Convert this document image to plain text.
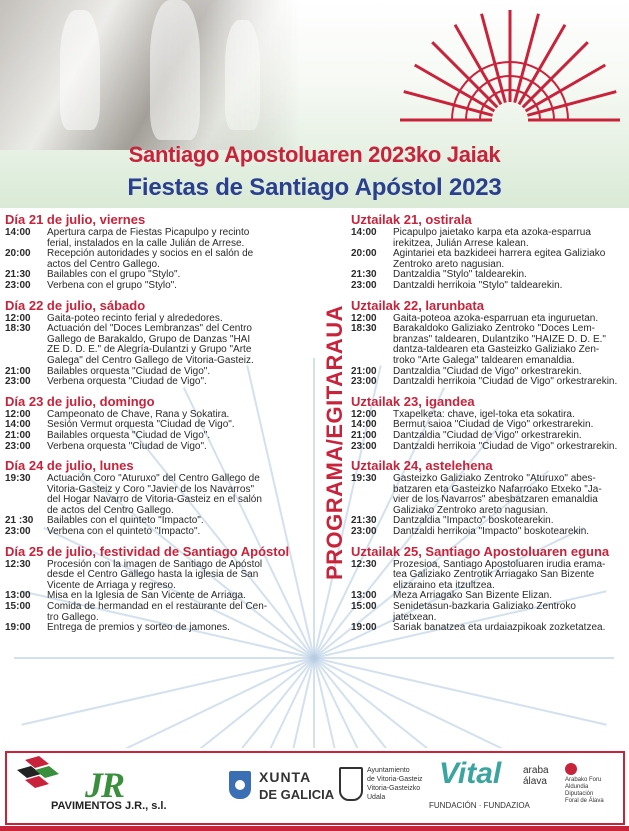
Santiago Apostoluaren 2023ko Jaiak
Fiestas de Santiago Apóstol 2023
PROGRAMA/EGITARAUA
Día 21 de julio, viernes
14:00	Apertura carpa de Fiestas Picapulpo y recinto
ferial, instalados en la calle Julián de Arrese.
20:00	Recepción autoridades y socios en el salón de
actos del Centro Gallego.
21:30	Bailables con el grupo "Stylo".
23:00	Verbena con el grupo "Stylo".
Día 22 de julio, sábado
12:00	Gaita-poteo recinto ferial y alrededores.
18:30	Actuación del "Doces Lembranzas" del Centro
Gallego de Barakaldo, Grupo de Danzas "HAI
ZE D. D. E." de Alegría-Dulantzi y Grupo "Arte
Galega" del Centro Gallego de Vitoria-Gasteiz.
21:00	Bailables orquesta "Ciudad de Vigo".
23:00	Verbena orquesta "Ciudad de Vigo".
Día 23 de julio, domingo
12:00	Campeonato de Chave, Rana y Sokatira.
14:00	Sesión Vermut orquesta "Ciudad de Vigo".
21:00	Bailables orquesta "Ciudad de Vigo".
23:00	Verbena orquesta "Ciudad de Vigo".
Día 24 de julio, lunes
19:30	Actuación Coro "Aturuxo" del Centro Gallego de
Vitoria-Gasteiz y Coro "Javier de los Navarros"
del Hogar Navarro de Vitoria-Gasteiz en el salón
de actos del Centro Gallego.
21 :30	Bailables con el quinteto "Impacto".
23:00	Verbena con el quinteto "Impacto".
Día 25 de julio, festividad de Santiago Apóstol
12:30	Procesión con la imagen de Santiago de Apóstol
desde el Centro Gallego hasta la iglesia de San
Vicente de Arriaga y regreso.
13:00	Misa en la Iglesia de San Vicente de Arriaga.
15:00	Comida de hermandad en el restaurante del Cen-
tro Gallego.
19:00	Entrega de premios y sorteo de jamones.
Uztailak 21, ostirala
14:00	Picapulpo jaietako karpa eta azoka-esparrua
irekitzea, Julián Arrese kalean.
20:00	Agintariei eta bazkideei harrera egitea Galiziako
Zentroko areto nagusian.
21:30	Dantzaldia "Stylo" taldearekin.
23:00	Dantzaldi herrikoia "Stylo" taldearekin.
Uztailak 22, larunbata
12:00	Gaita-poteoa azoka-esparruan eta inguruetan.
18:30	Barakaldoko Galiziako Zentroko "Doces Lem-
branzas" taldearen, Dulantziko "HAIZE D. D. E."
dantza-taldearen eta Gasteizko Galiziako Zen-
troko "Arte Galega" taldearen emanaldia.
21:00	Dantzaldia "Ciudad de Vigo" orkestrarekin.
23:00	Dantzaldi herrikoia "Ciudad de Vigo" orkestrarekin.
Uztailak 23, igandea
12:00	Txapelketa: chave, igel-toka eta sokatira.
14:00	Bermut saioa "Ciudad de Vigo" orkestrarekin.
21:00	Dantzaldia "Ciudad de Vigo" orkestrarekin.
23:00	Dantzaldi herrikoia "Ciudad de Vigo" orkestrarekin.
Uztailak 24, astelehena
19:30	Gasteizko Galiziako Zentroko "Aturuxo" abes-
batzaren eta Gasteizko Nafarroako Etxeko "Ja-
vier de los Navarros" abesbatzaren emanaldia
Galiziako Zentroko areto nagusian.
21:30	Dantzaldia "Impacto" boskotearekin.
23:00	Dantzaldi herrikoia "Impacto" boskotearekin.
Uztailak 25, Santiago Apostoluaren eguna
12:30	Prozesioa, Santiago Apostoluaren irudia erama-
tea Galiziako Zentrotik Arriagako San Bizente
elizaraino eta itzultzea.
13:00	Meza Arriagako San Bizente Elizan.
15:00	Senidetasun-bazkaria Galiziako Zentroko
jatetxean.
19:00	Sariak banatzea eta urdaiazpikoak zozketatzea.
JR
PAVIMENTOS J.R., s.l.
XUNTA
DE GALICIA
Ayuntamiento
de Vitoria-Gasteiz
Vitoria-Gasteizko
Udala
Vital
FUNDACIÓN · FUNDAZIOA
araba
álava	Arabako Foru
Aldundia
Diputación
Foral de Álava
